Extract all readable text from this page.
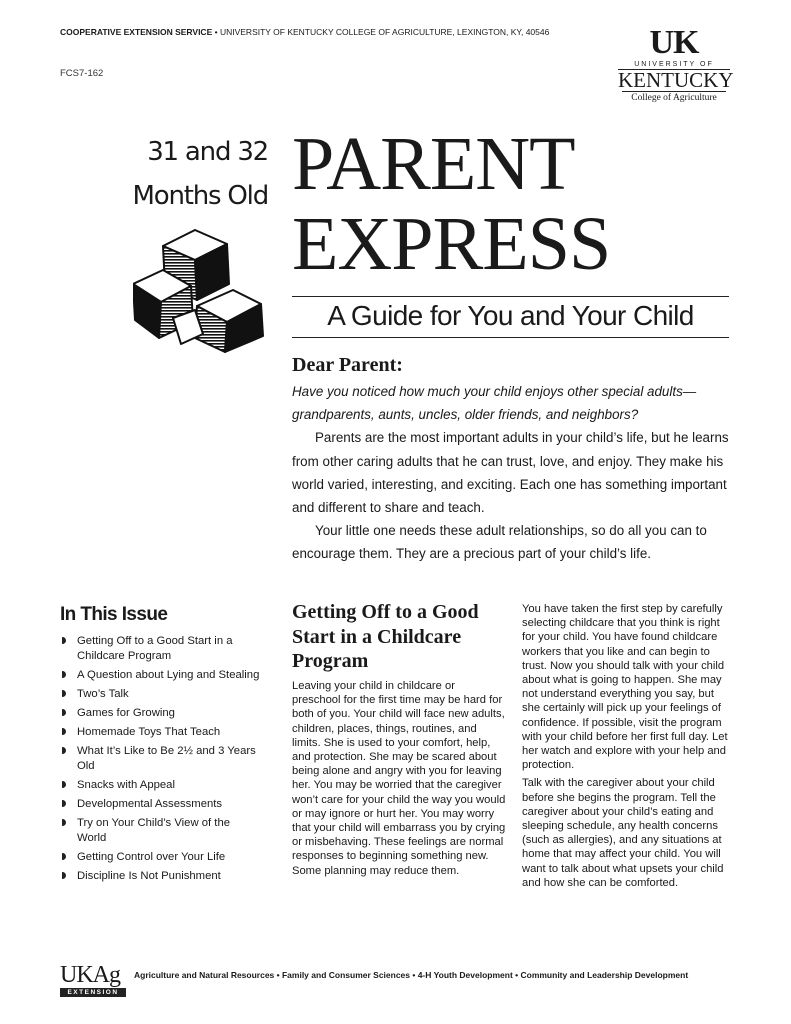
COOPERATIVE EXTENSION SERVICE • UNIVERSITY OF KENTUCKY COLLEGE OF AGRICULTURE, LEXINGTON, KY, 40546
FCS7-162
UK
UNIVERSITY OF
KENTUCKY
College of Agriculture
31 and 32
Months Old PARENT
EXPRESS
A Guide for You and Your Child
Dear Parent:

Have you noticed how much your child enjoys other special adults—grandparents, aunts, uncles, older friends, and neighbors?

Parents are the most important adults in your child’s life, but he learns from other caring adults that he can trust, love, and enjoy. They make his world varied, interesting, and exciting. Each one has something important and different to share and teach.

Your little one needs these adult relationships, so do all you can to encourage them. They are a precious part of your child’s life.

In This Issue
Getting Off to a Good Start in a Childcare Program
A Question about Lying and Stealing
Two’s Talk
Games for Growing
Homemade Toys That Teach
What It’s Like to Be 2½ and 3 Years Old
Snacks with Appeal
Developmental Assessments
Try on Your Child’s View of the World
Getting Control over Your Life
Discipline Is Not Punishment
Getting Off to a Good Start in a Childcare Program

Leaving your child in childcare or preschool for the first time may be hard for both of you. Your child will face new adults, children, places, things, routines, and limits. She is used to your comfort, help, and protection. She may be scared about being alone and angry with you for leaving her. You may be worried that the caregiver won’t care for your child the way you would or may ignore or hurt her. You may worry that your child will embarrass you by crying or misbehaving. These feelings are normal responses to beginning something new. Some planning may reduce them.

You have taken the first step by carefully selecting childcare that you think is right for your child. You have found childcare workers that you like and can begin to trust. Now you should talk with your child about what is going to happen. She may not understand everything you say, but she certainly will pick up your feelings of confidence. If possible, visit the program with your child before her first full day. Let her watch and explore with your help and protection.

Talk with the caregiver about your child before she begins the program. Tell the caregiver about your child’s eating and sleeping schedule, any health concerns (such as allergies), and any situations at home that may affect your child. You will want to talk about what upsets your child and how she can be comforted.

UKAg
EXTENSION
Agriculture and Natural Resources • Family and Consumer Sciences • 4-H Youth Development • Community and Leadership Development
